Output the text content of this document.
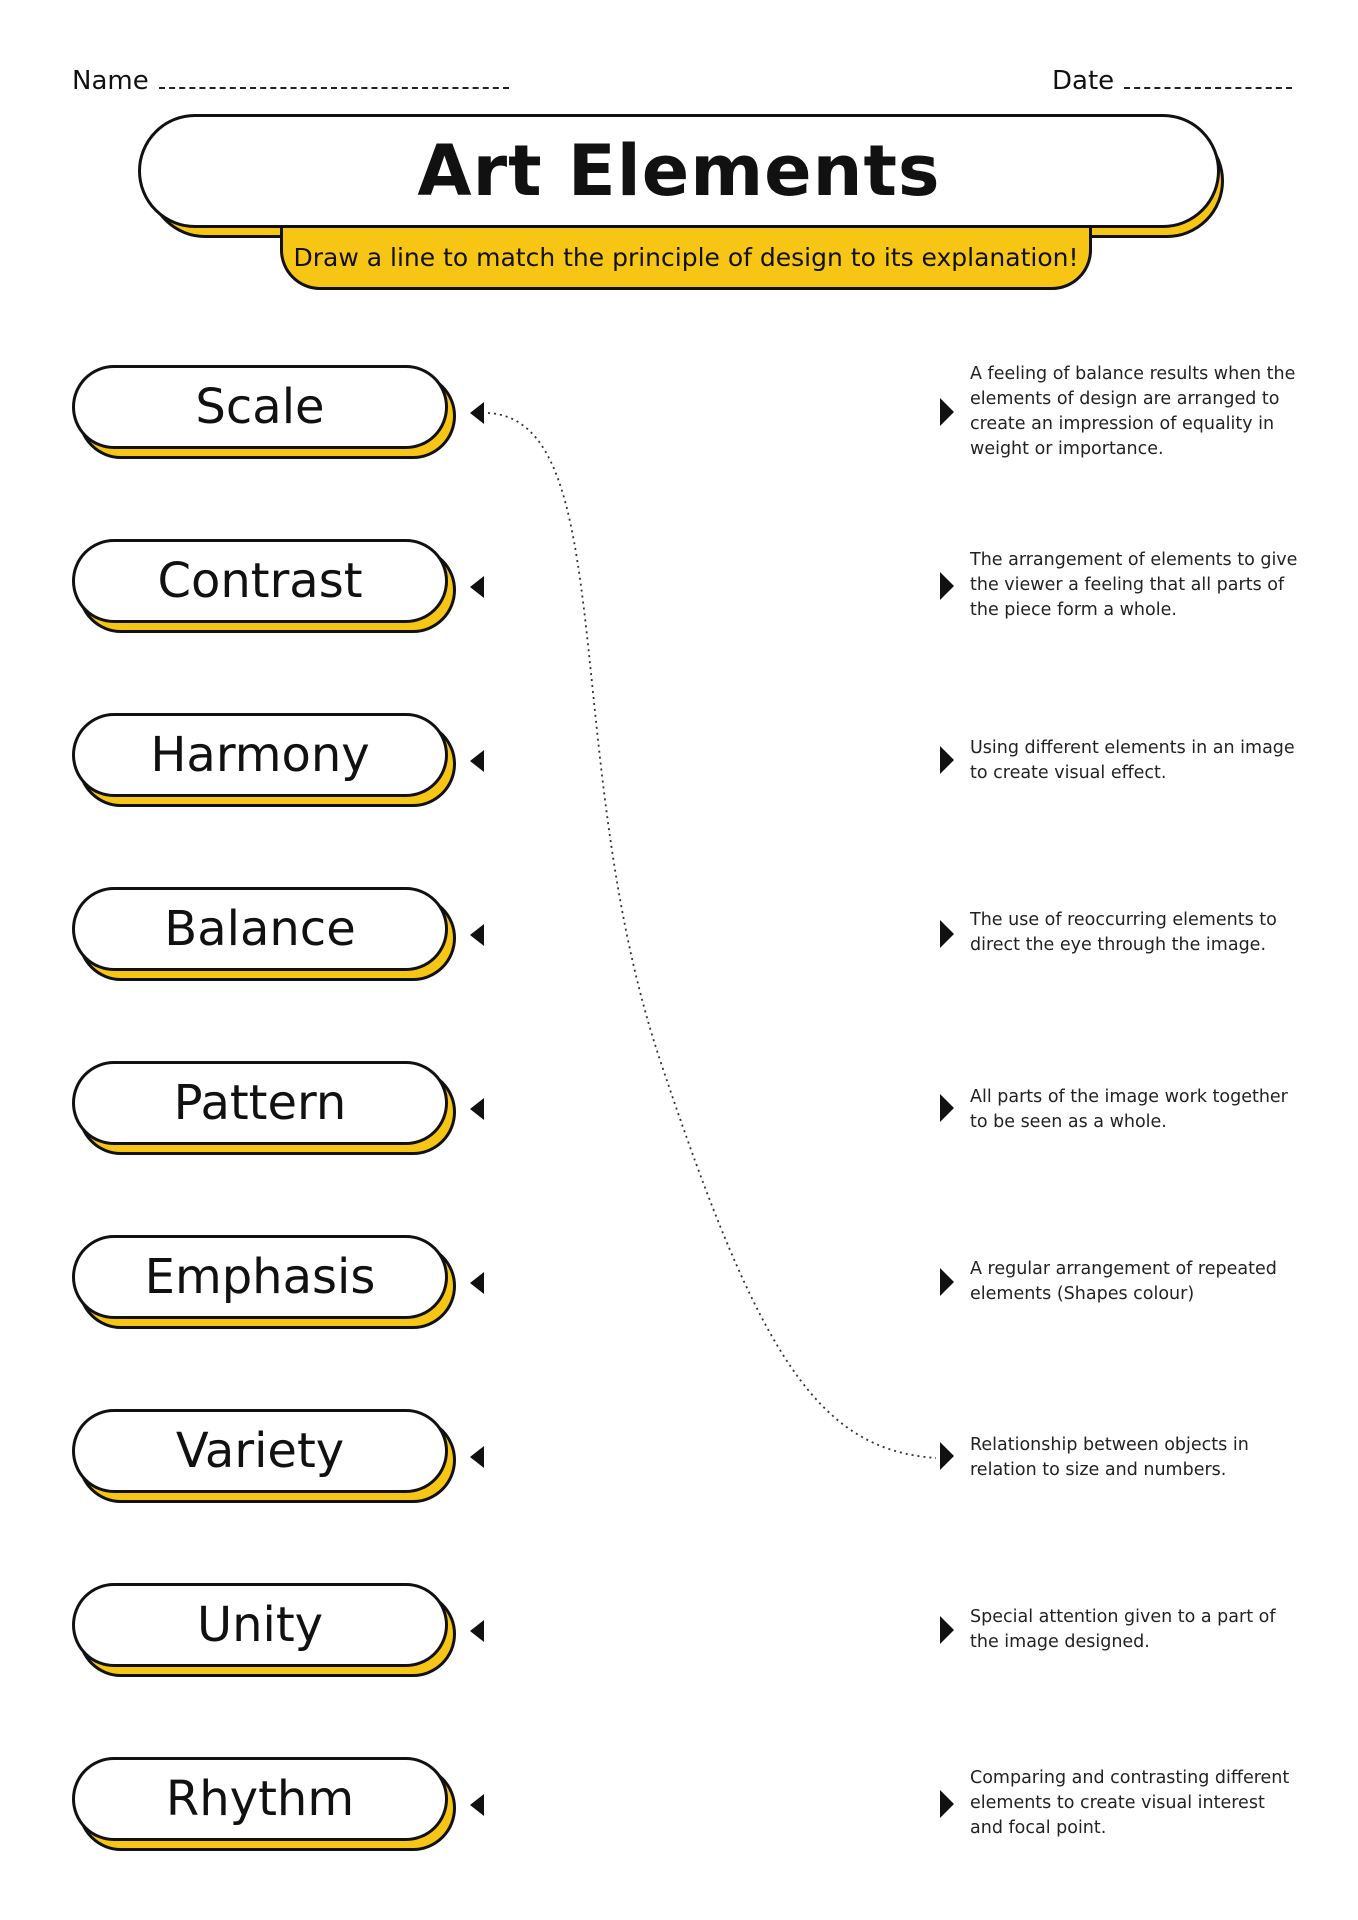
Name	Date
Art Elements
Draw a line to match the principle of design to its explanation!
Scale
Contrast
Harmony
Balance
Pattern
Emphasis
Variety
Unity
Rhythm
A feeling of balance results when the elements of design are arranged to create an impression of equality in weight or importance.
The arrangement of elements to give the viewer a feeling that all parts of the piece form a whole.
Using different elements in an image to create visual effect.
The use of reoccurring elements to direct the eye through the image.
All parts of the image work together to be seen as a whole.
A regular arrangement of repeated elements (Shapes colour)
Relationship between objects in relation to size and numbers.
Special attention given to a part of the image designed.
Comparing and contrasting different elements to create visual interest and focal point.
